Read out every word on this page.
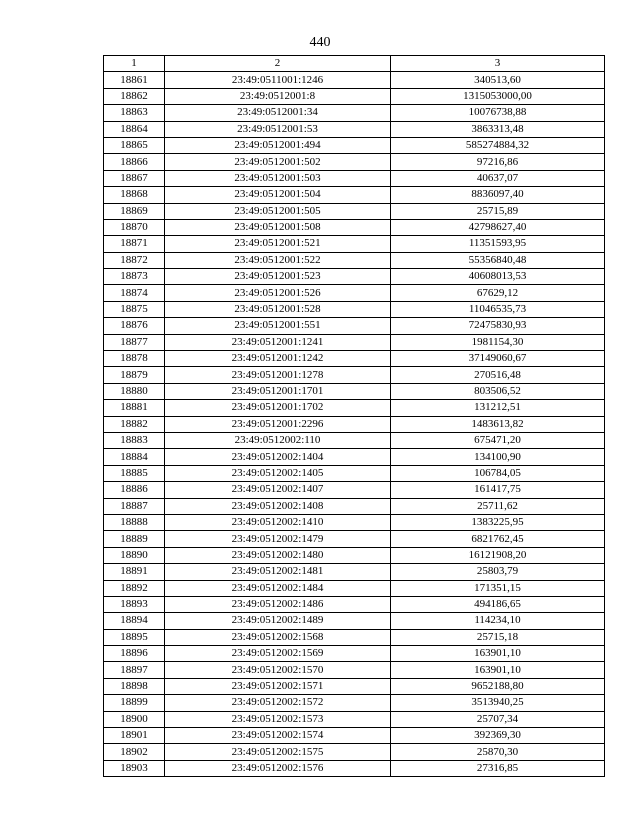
440
1	2	3
18861	23:49:0511001:1246	340513,60
18862	23:49:0512001:8	1315053000,00
18863	23:49:0512001:34	10076738,88
18864	23:49:0512001:53	3863313,48
18865	23:49:0512001:494	585274884,32
18866	23:49:0512001:502	97216,86
18867	23:49:0512001:503	40637,07
18868	23:49:0512001:504	8836097,40
18869	23:49:0512001:505	25715,89
18870	23:49:0512001:508	42798627,40
18871	23:49:0512001:521	11351593,95
18872	23:49:0512001:522	55356840,48
18873	23:49:0512001:523	40608013,53
18874	23:49:0512001:526	67629,12
18875	23:49:0512001:528	11046535,73
18876	23:49:0512001:551	72475830,93
18877	23:49:0512001:1241	1981154,30
18878	23:49:0512001:1242	37149060,67
18879	23:49:0512001:1278	270516,48
18880	23:49:0512001:1701	803506,52
18881	23:49:0512001:1702	131212,51
18882	23:49:0512001:2296	1483613,82
18883	23:49:0512002:110	675471,20
18884	23:49:0512002:1404	134100,90
18885	23:49:0512002:1405	106784,05
18886	23:49:0512002:1407	161417,75
18887	23:49:0512002:1408	25711,62
18888	23:49:0512002:1410	1383225,95
18889	23:49:0512002:1479	6821762,45
18890	23:49:0512002:1480	16121908,20
18891	23:49:0512002:1481	25803,79
18892	23:49:0512002:1484	171351,15
18893	23:49:0512002:1486	494186,65
18894	23:49:0512002:1489	114234,10
18895	23:49:0512002:1568	25715,18
18896	23:49:0512002:1569	163901,10
18897	23:49:0512002:1570	163901,10
18898	23:49:0512002:1571	9652188,80
18899	23:49:0512002:1572	3513940,25
18900	23:49:0512002:1573	25707,34
18901	23:49:0512002:1574	392369,30
18902	23:49:0512002:1575	25870,30
18903	23:49:0512002:1576	27316,85
